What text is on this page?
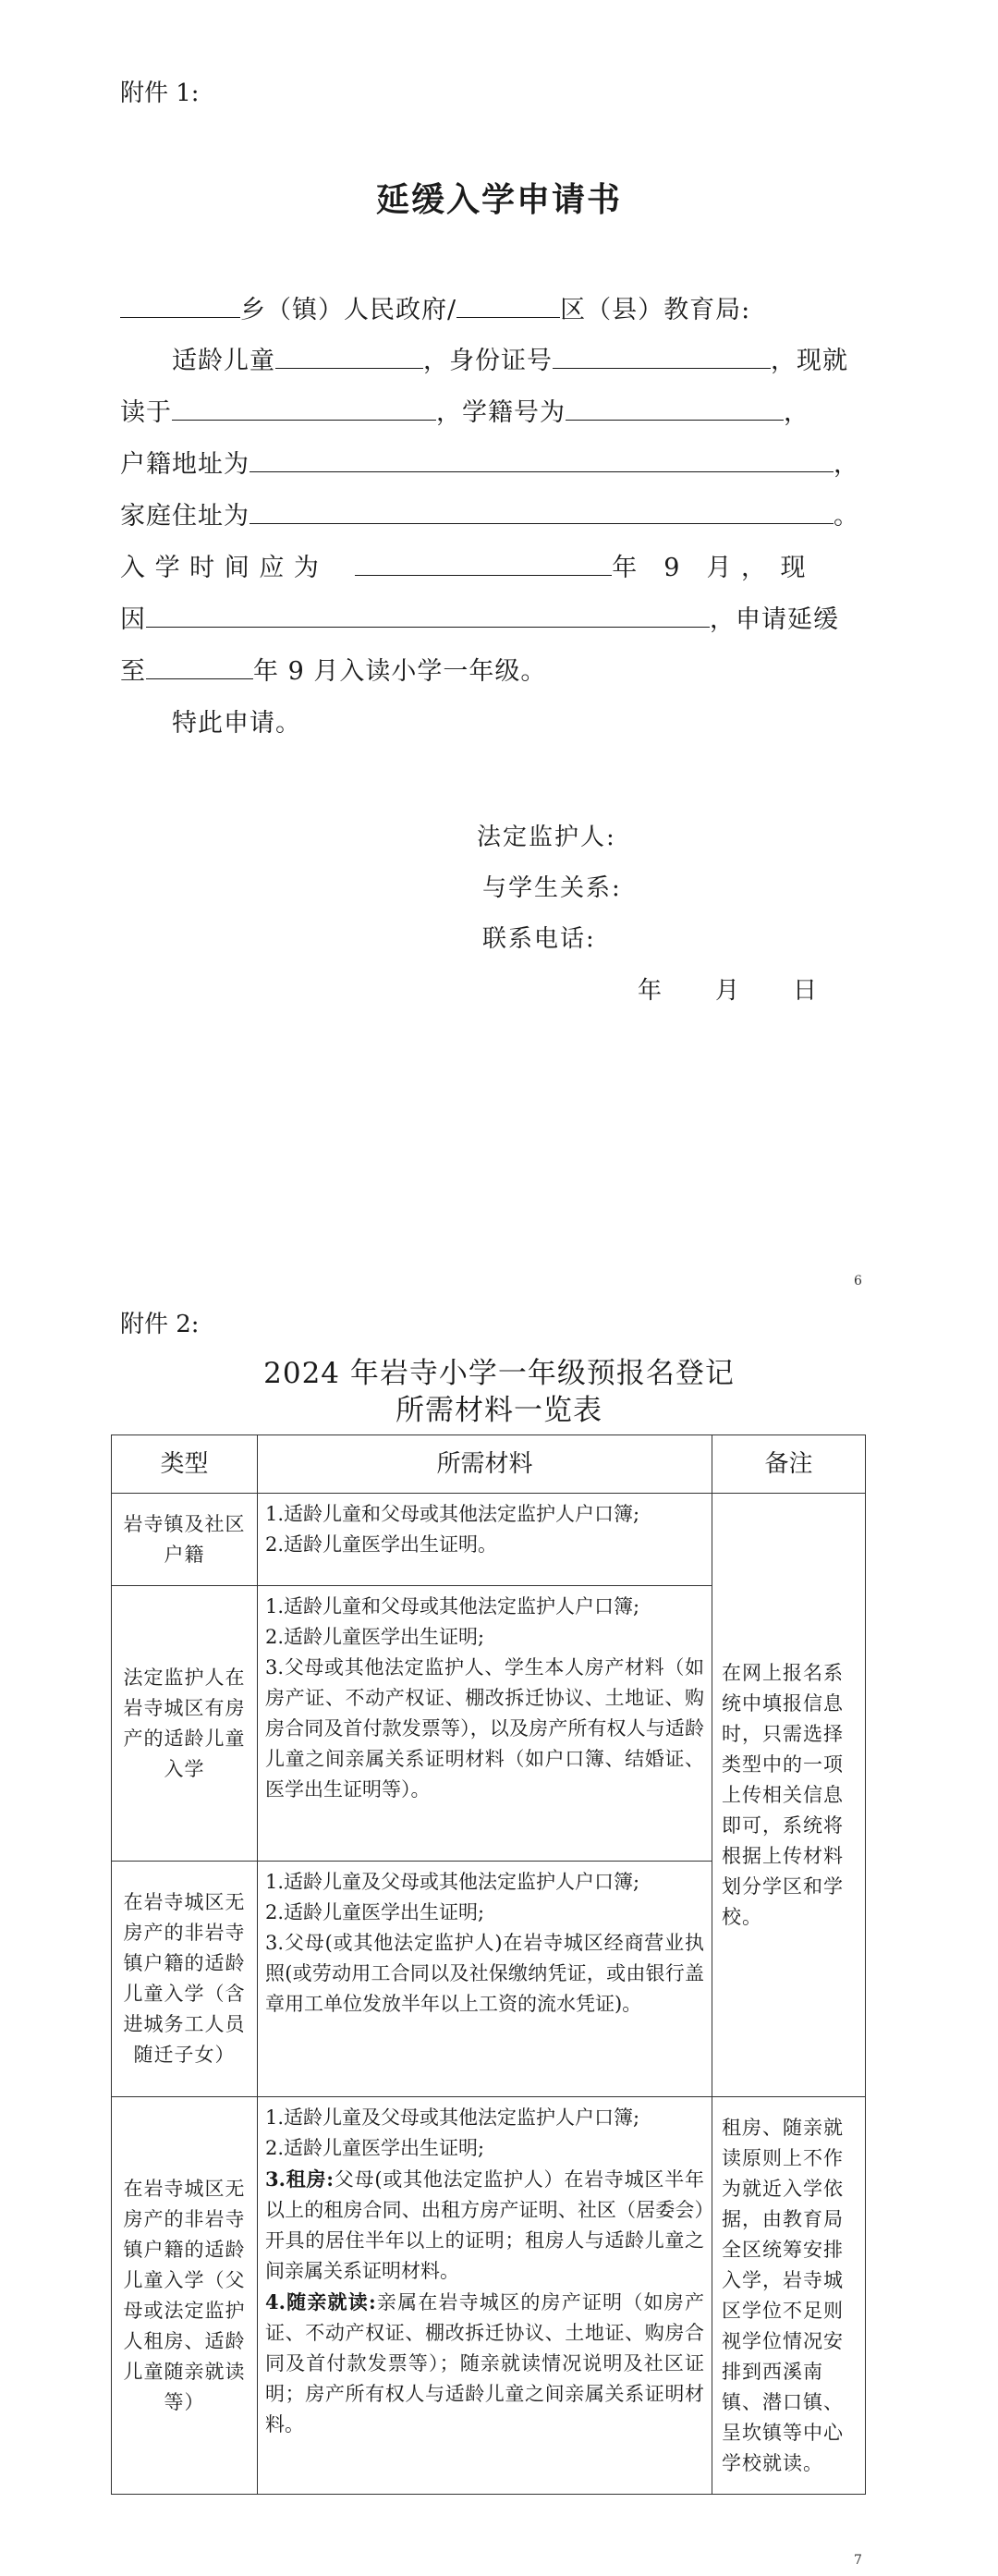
附件 1:
延缓入学申请书
乡（镇）人民政府/	区（县）教育局:
适龄儿童	，身份证号	，现就
读于	，学籍号为	，
户籍地址为	，
家庭住址为	。
入 学 时 间 应 为	年　9　月 ，　现
因	，申请延缓
至	年 9 月入读小学一年级。
特此申请。
法定监护人:
与学生关系:
联系电话:
年　　月　　日
6
附件 2:
2024 年岩寺小学一年级预报名登记
所需材料一览表
类型	所需材料	备注
岩寺镇及社区户籍	1.适龄儿童和父母或其他法定监护人户口簿;

2.适龄儿童医学出生证明。	在网上报名系统中填报信息时，只需选择类型中的一项上传相关信息即可，系统将根据上传材料划分学区和学校。
法定监护人在岩寺城区有房产的适龄儿童入学	1.适龄儿童和父母或其他法定监护人户口簿;

2.适龄儿童医学出生证明;

3.父母或其他法定监护人、学生本人房产材料（如房产证、不动产权证、棚改拆迁协议、土地证、购房合同及首付款发票等），以及房产所有权人与适龄儿童之间亲属关系证明材料（如户口簿、结婚证、医学出生证明等）。	

在岩寺城区无房产的非岩寺镇户籍的适龄儿童入学（含进城务工人员随迁子女）	1.适龄儿童及父母或其他法定监护人户口簿;

2.适龄儿童医学出生证明;

3.父母(或其他法定监护人)在岩寺城区经商营业执照(或劳动用工合同以及社保缴纳凭证，或由银行盖章用工单位发放半年以上工资的流水凭证)。	

在岩寺城区无房产的非岩寺镇户籍的适龄儿童入学（父母或法定监护人租房、适龄儿童随亲就读等）	1.适龄儿童及父母或其他法定监护人户口簿;

2.适龄儿童医学出生证明;

3.租房:父母(或其他法定监护人）在岩寺城区半年以上的租房合同、出租方房产证明、社区（居委会）开具的居住半年以上的证明；租房人与适龄儿童之间亲属关系证明材料。

4.随亲就读:亲属在岩寺城区的房产证明（如房产证、不动产权证、棚改拆迁协议、土地证、购房合同及首付款发票等）；随亲就读情况说明及社区证明；房产所有权人与适龄儿童之间亲属关系证明材料。	租房、随亲就读原则上不作为就近入学依据，由教育局全区统筹安排入学，岩寺城区学位不足则视学位情况安排到西溪南镇、潜口镇、呈坎镇等中心学校就读。
7
